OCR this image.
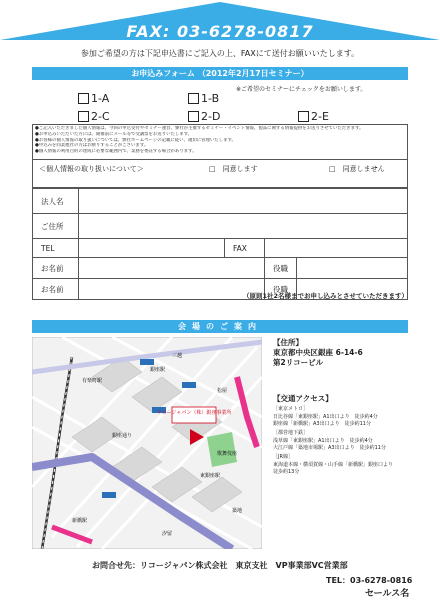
FAX: 03-6278-0817
参加ご希望の方は下記申込書にご記入の上、FAXにて送付お願いいたします。
お申込みフォーム （2012年2月17日セミナー）
※ご希望のセミナーにチェックをお願いします。
1-A	1-B
2-C	2-D	2-E
●ご記入いただきました個人情報は、今回の申込受付やセミナー運営、弊社が主催するセミナー・イベント情報、製品に関する情報提供をお送りさせていただきます。
●お申込みいただいた方には、開催前にメール等で受講票をお送りいたします。
●お客様の個人情報の取り扱いについては、弊社ホームページの記載に従い、適切に管理いたします。
●申込みを同業他社の方はお断りすることがございます。
●個人情報の利用目的の達成に必要な範囲内で、業務を委託する場合があります。
＜個人情報の取り扱いについて＞	□　同意します	□　同意しません
法人名
ご住所
TEL	FAX
お名前	役職
お名前	役職
（原則1社2名様までお申し込みとさせていただきます）
会場のご案内
リコージャパン（株）銀座事業所
銀座駅
東銀座駅
新橋駅
有楽町駅
築地
汐留
三越
松屋
歌舞伎座
銀座通り
【住所】
東京都中央区銀座 6-14-6
第2リコービル
【交通アクセス】
［東京メトロ］
日比谷線「東銀座駅」A1出口より　徒歩約4分
銀座線「新橋駅」A3出口より　徒歩約11分
［都営地下鉄］
浅草線「東銀座駅」A1出口より　徒歩約4分
大江戸線「築地市場駅」A3出口より　徒歩約11分
［JR線］
東海道本線・横須賀線・山手線「新橋駅」銀座口より
徒歩約13分
お問合せ先：リコージャパン株式会社　東京支社　VP事業部VC営業部
TEL：03-6278-0816
セールス名
